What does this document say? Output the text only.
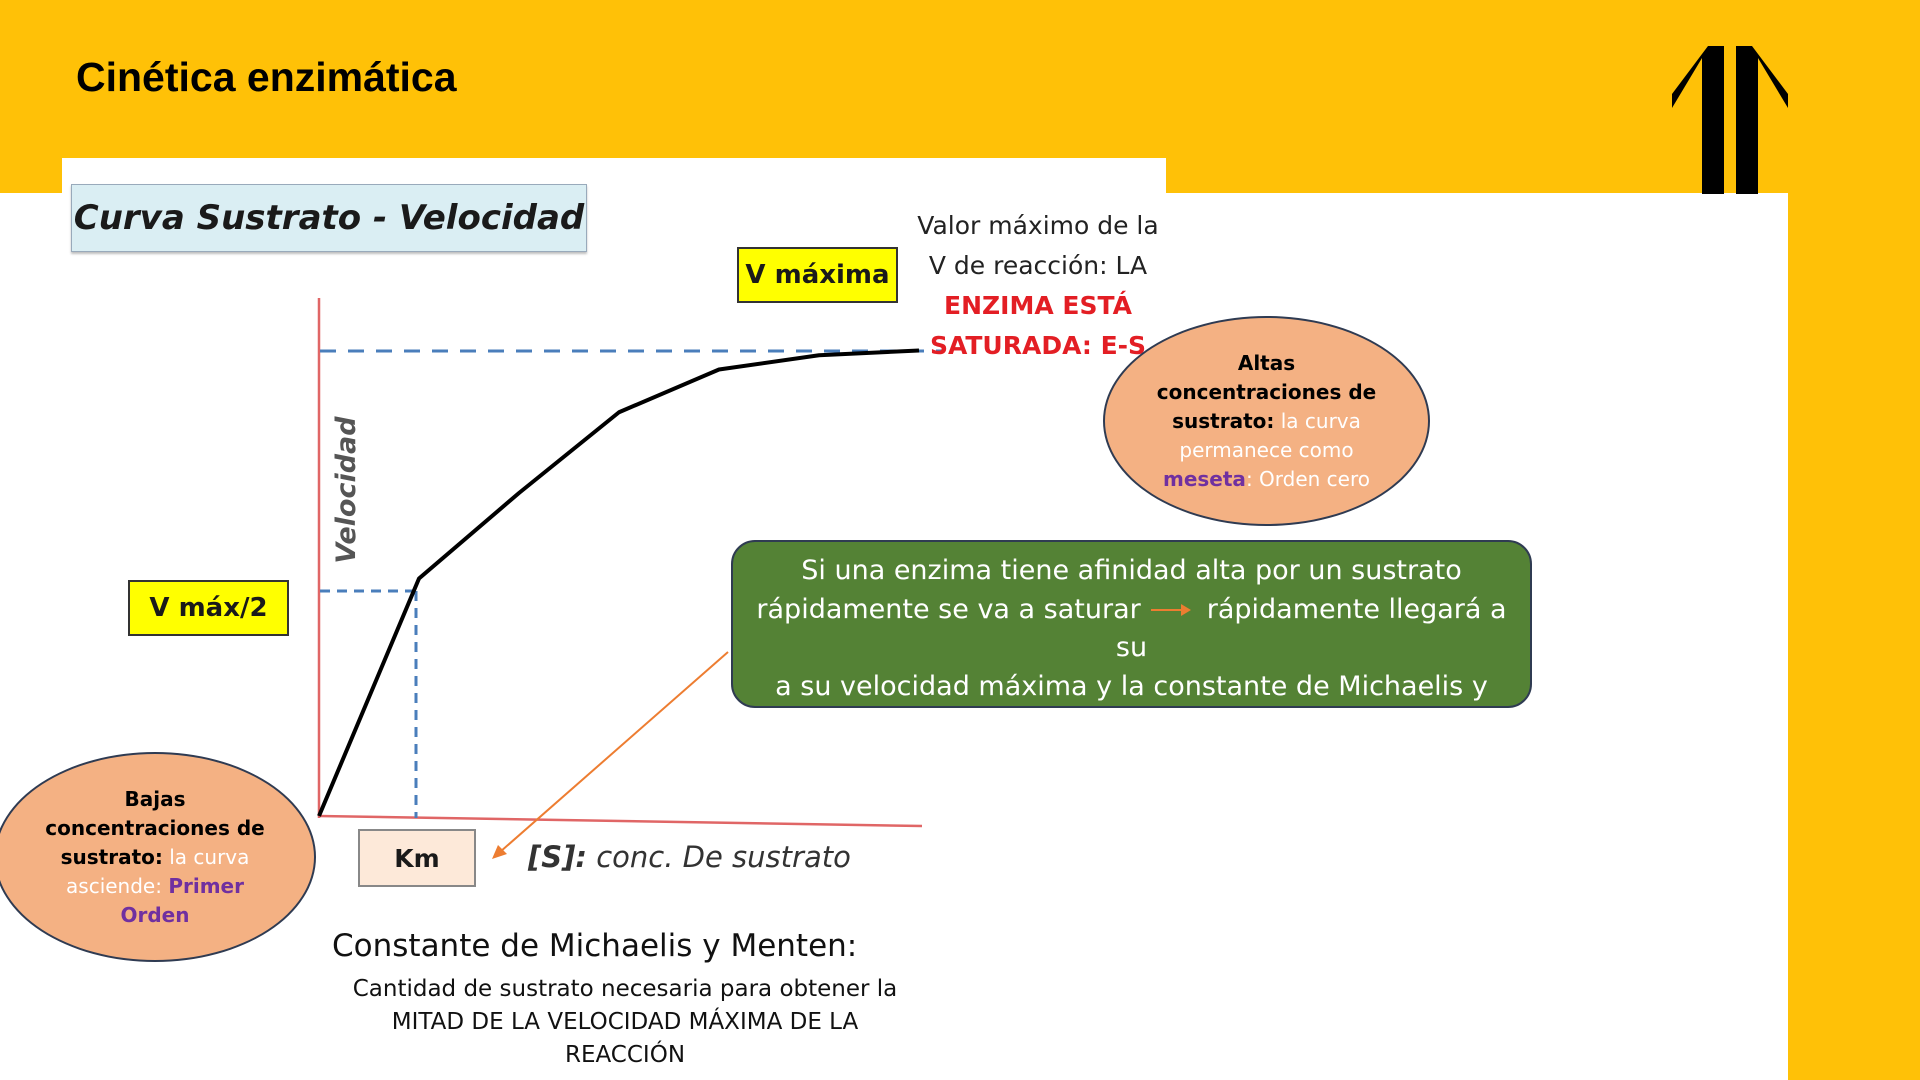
Cinética enzimática
Curva Sustrato - Velocidad
Velocidad
V máxima
V máx/2
Km	[S]: conc. De sustrato
Valor máximo de la
V de reacción: LA
ENZIMA ESTÁ
SATURADA: E-S
Altas concentraciones de sustrato: la curva permanece como meseta: Orden cero
Bajas concentraciones de sustrato: la curva asciende: Primer Orden
Si una enzima tiene afinidad alta por un sustrato
rápidamente se va a saturar rápidamente llegará a su
a su velocidad máxima y la constante de Michaelis y
Menten (Km) será menor
Constante de Michaelis y Menten:
Cantidad de sustrato necesaria para obtener la MITAD DE LA VELOCIDAD MÁXIMA DE LA REACCIÓN
